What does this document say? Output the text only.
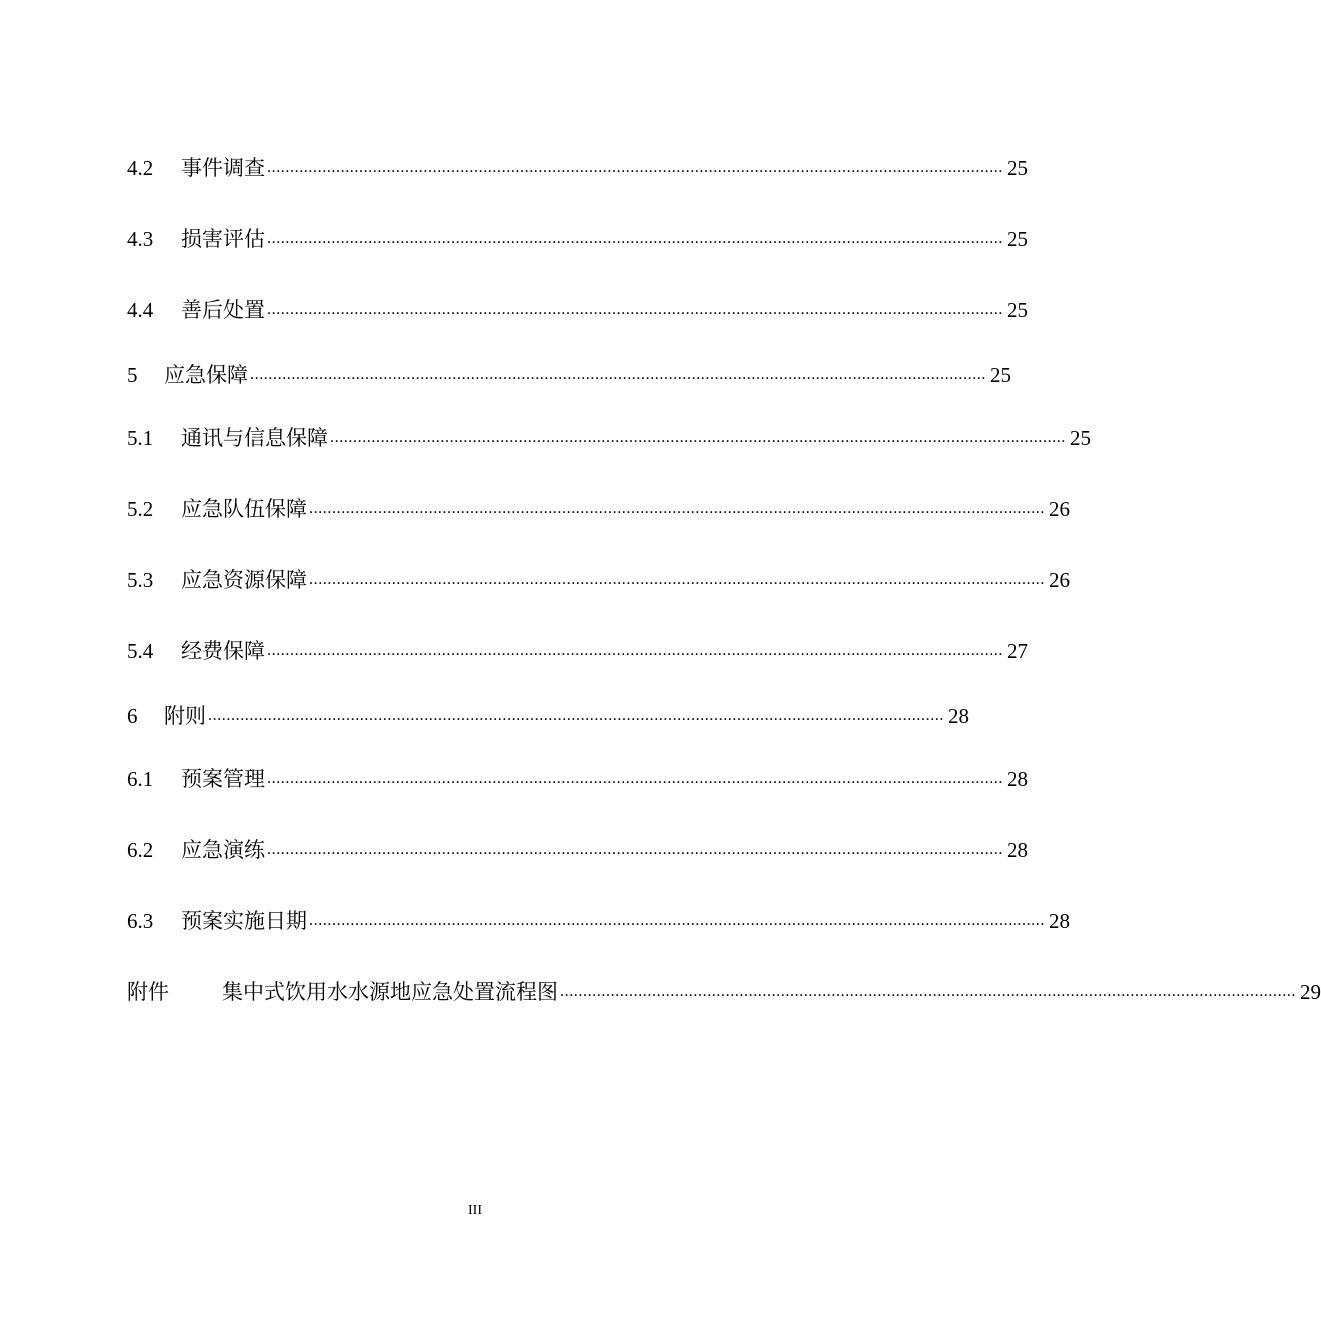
4.2	事件调查 ................................................................................................................................................................ 25
4.3	损害评估 ................................................................................................................................................................ 25
4.4	善后处置 ................................................................................................................................................................ 25
5	应急保障 ................................................................................................................................................................ 25
5.1	通讯与信息保障 ................................................................................................................................................................ 25
5.2	应急队伍保障 ................................................................................................................................................................ 26
5.3	应急资源保障 ................................................................................................................................................................ 26
5.4	经费保障 ................................................................................................................................................................ 27
6	附则 ................................................................................................................................................................ 28
6.1	预案管理 ................................................................................................................................................................ 28
6.2	应急演练 ................................................................................................................................................................ 28
6.3	预案实施日期 ................................................................................................................................................................ 28
附件	集中式饮用水水源地应急处置流程图 ................................................................................................................................................................ 29
III
